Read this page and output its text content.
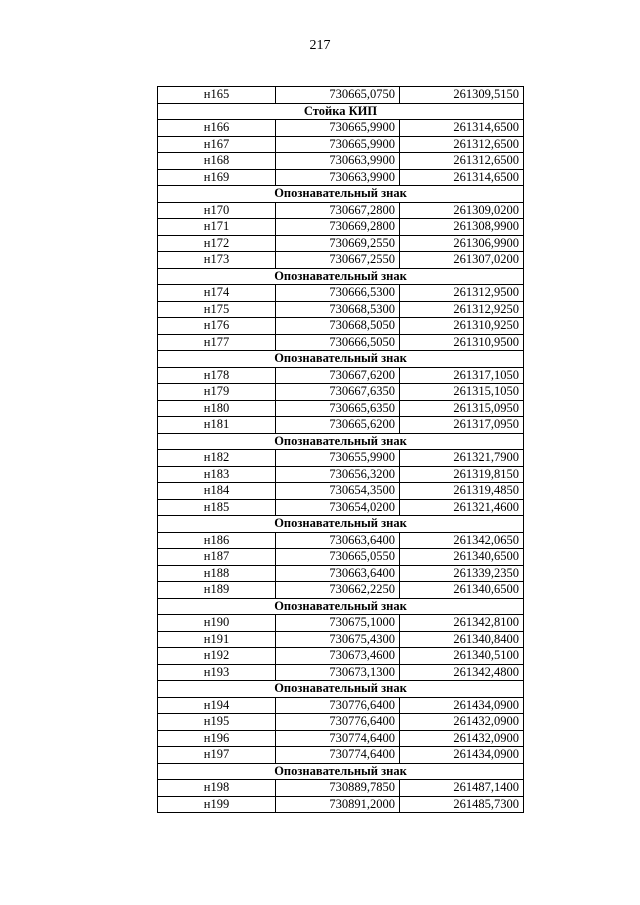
217
н165	730665,0750	261309,5150
Стойка КИП		
н166	730665,9900	261314,6500
н167	730665,9900	261312,6500
н168	730663,9900	261312,6500
н169	730663,9900	261314,6500
Опознавательный знак		
н170	730667,2800	261309,0200
н171	730669,2800	261308,9900
н172	730669,2550	261306,9900
н173	730667,2550	261307,0200
Опознавательный знак		
н174	730666,5300	261312,9500
н175	730668,5300	261312,9250
н176	730668,5050	261310,9250
н177	730666,5050	261310,9500
Опознавательный знак		
н178	730667,6200	261317,1050
н179	730667,6350	261315,1050
н180	730665,6350	261315,0950
н181	730665,6200	261317,0950
Опознавательный знак		
н182	730655,9900	261321,7900
н183	730656,3200	261319,8150
н184	730654,3500	261319,4850
н185	730654,0200	261321,4600
Опознавательный знак		
н186	730663,6400	261342,0650
н187	730665,0550	261340,6500
н188	730663,6400	261339,2350
н189	730662,2250	261340,6500
Опознавательный знак		
н190	730675,1000	261342,8100
н191	730675,4300	261340,8400
н192	730673,4600	261340,5100
н193	730673,1300	261342,4800
Опознавательный знак		
н194	730776,6400	261434,0900
н195	730776,6400	261432,0900
н196	730774,6400	261432,0900
н197	730774,6400	261434,0900
Опознавательный знак		
н198	730889,7850	261487,1400
н199	730891,2000	261485,7300
